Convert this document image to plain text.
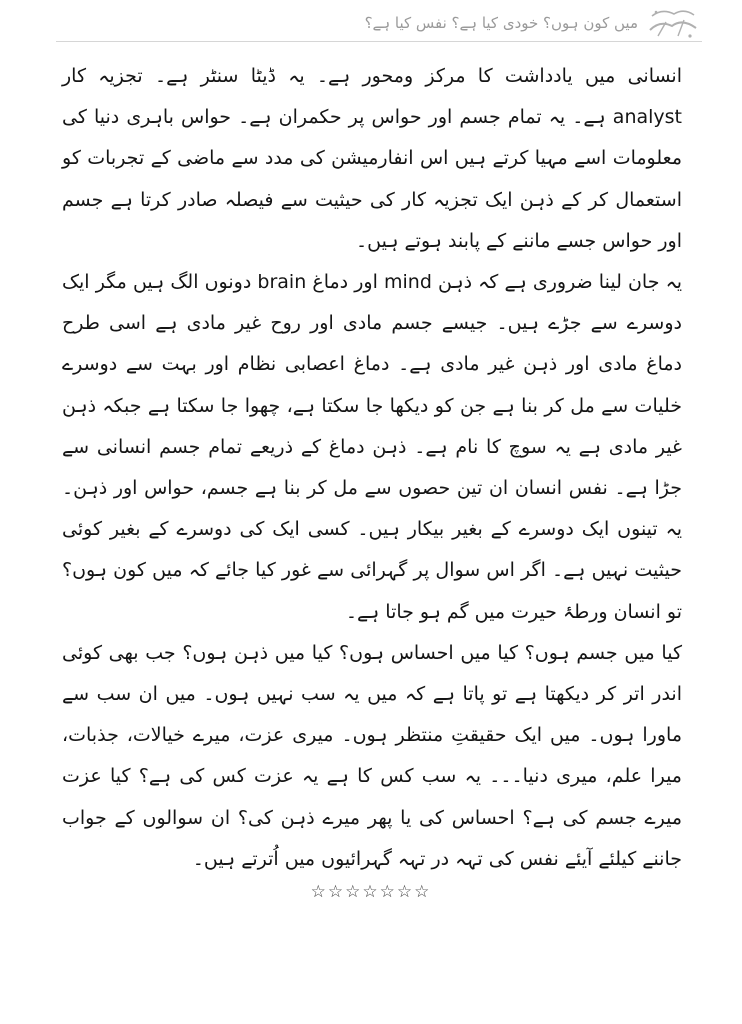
میں کون ہوں؟ خودی کیا ہے؟ نفس کیا ہے؟

انسانی میں یادداشت کا مرکز ومحور ہے۔ یہ ڈیٹا سنٹر ہے۔ تجزیہ کار analyst ہے۔ یہ تمام جسم اور حواس پر حکمران ہے۔ حواس باہری دنیا کی معلومات اسے مہیا کرتے ہیں اس انفارمیشن کی مدد سے ماضی کے تجربات کو استعمال کر کے ذہن ایک تجزیہ کار کی حیثیت سے فیصلہ صادر کرتا ہے جسم اور حواس جسے ماننے کے پابند ہوتے ہیں۔

یہ جان لینا ضروری ہے کہ ذہن mind اور دماغ brain دونوں الگ ہیں مگر ایک دوسرے سے جڑے ہیں۔ جیسے جسم مادی اور روح غیر مادی ہے اسی طرح دماغ مادی اور ذہن غیر مادی ہے۔ دماغ اعصابی نظام اور بہت سے دوسرے خلیات سے مل کر بنا ہے جن کو دیکھا جا سکتا ہے، چھوا جا سکتا ہے جبکہ ذہن غیر مادی ہے یہ سوچ کا نام ہے۔ ذہن دماغ کے ذریعے تمام جسم انسانی سے جڑا ہے۔ نفس انسان ان تین حصوں سے مل کر بنا ہے جسم، حواس اور ذہن۔ یہ تینوں ایک دوسرے کے بغیر بیکار ہیں۔ کسی ایک کی دوسرے کے بغیر کوئی حیثیت نہیں ہے۔ اگر اس سوال پر گہرائی سے غور کیا جائے کہ میں کون ہوں؟ تو انسان ورطۂ حیرت میں گم ہو جاتا ہے۔

کیا میں جسم ہوں؟ کیا میں احساس ہوں؟ کیا میں ذہن ہوں؟ جب بھی کوئی اندر اتر کر دیکھتا ہے تو پاتا ہے کہ میں یہ سب نہیں ہوں۔ میں ان سب سے ماورا ہوں۔ میں ایک حقیقتِ منتظر ہوں۔ میری عزت، میرے خیالات، جذبات، میرا علم، میری دنیا۔۔۔ یہ سب کس کا ہے یہ عزت کس کی ہے؟ کیا عزت میرے جسم کی ہے؟ احساس کی یا پھر میرے ذہن کی؟ ان سوالوں کے جواب جاننے کیلئے آیئے نفس کی تہہ در تہہ گہرائیوں میں اُترتے ہیں۔

☆☆☆☆☆☆☆
